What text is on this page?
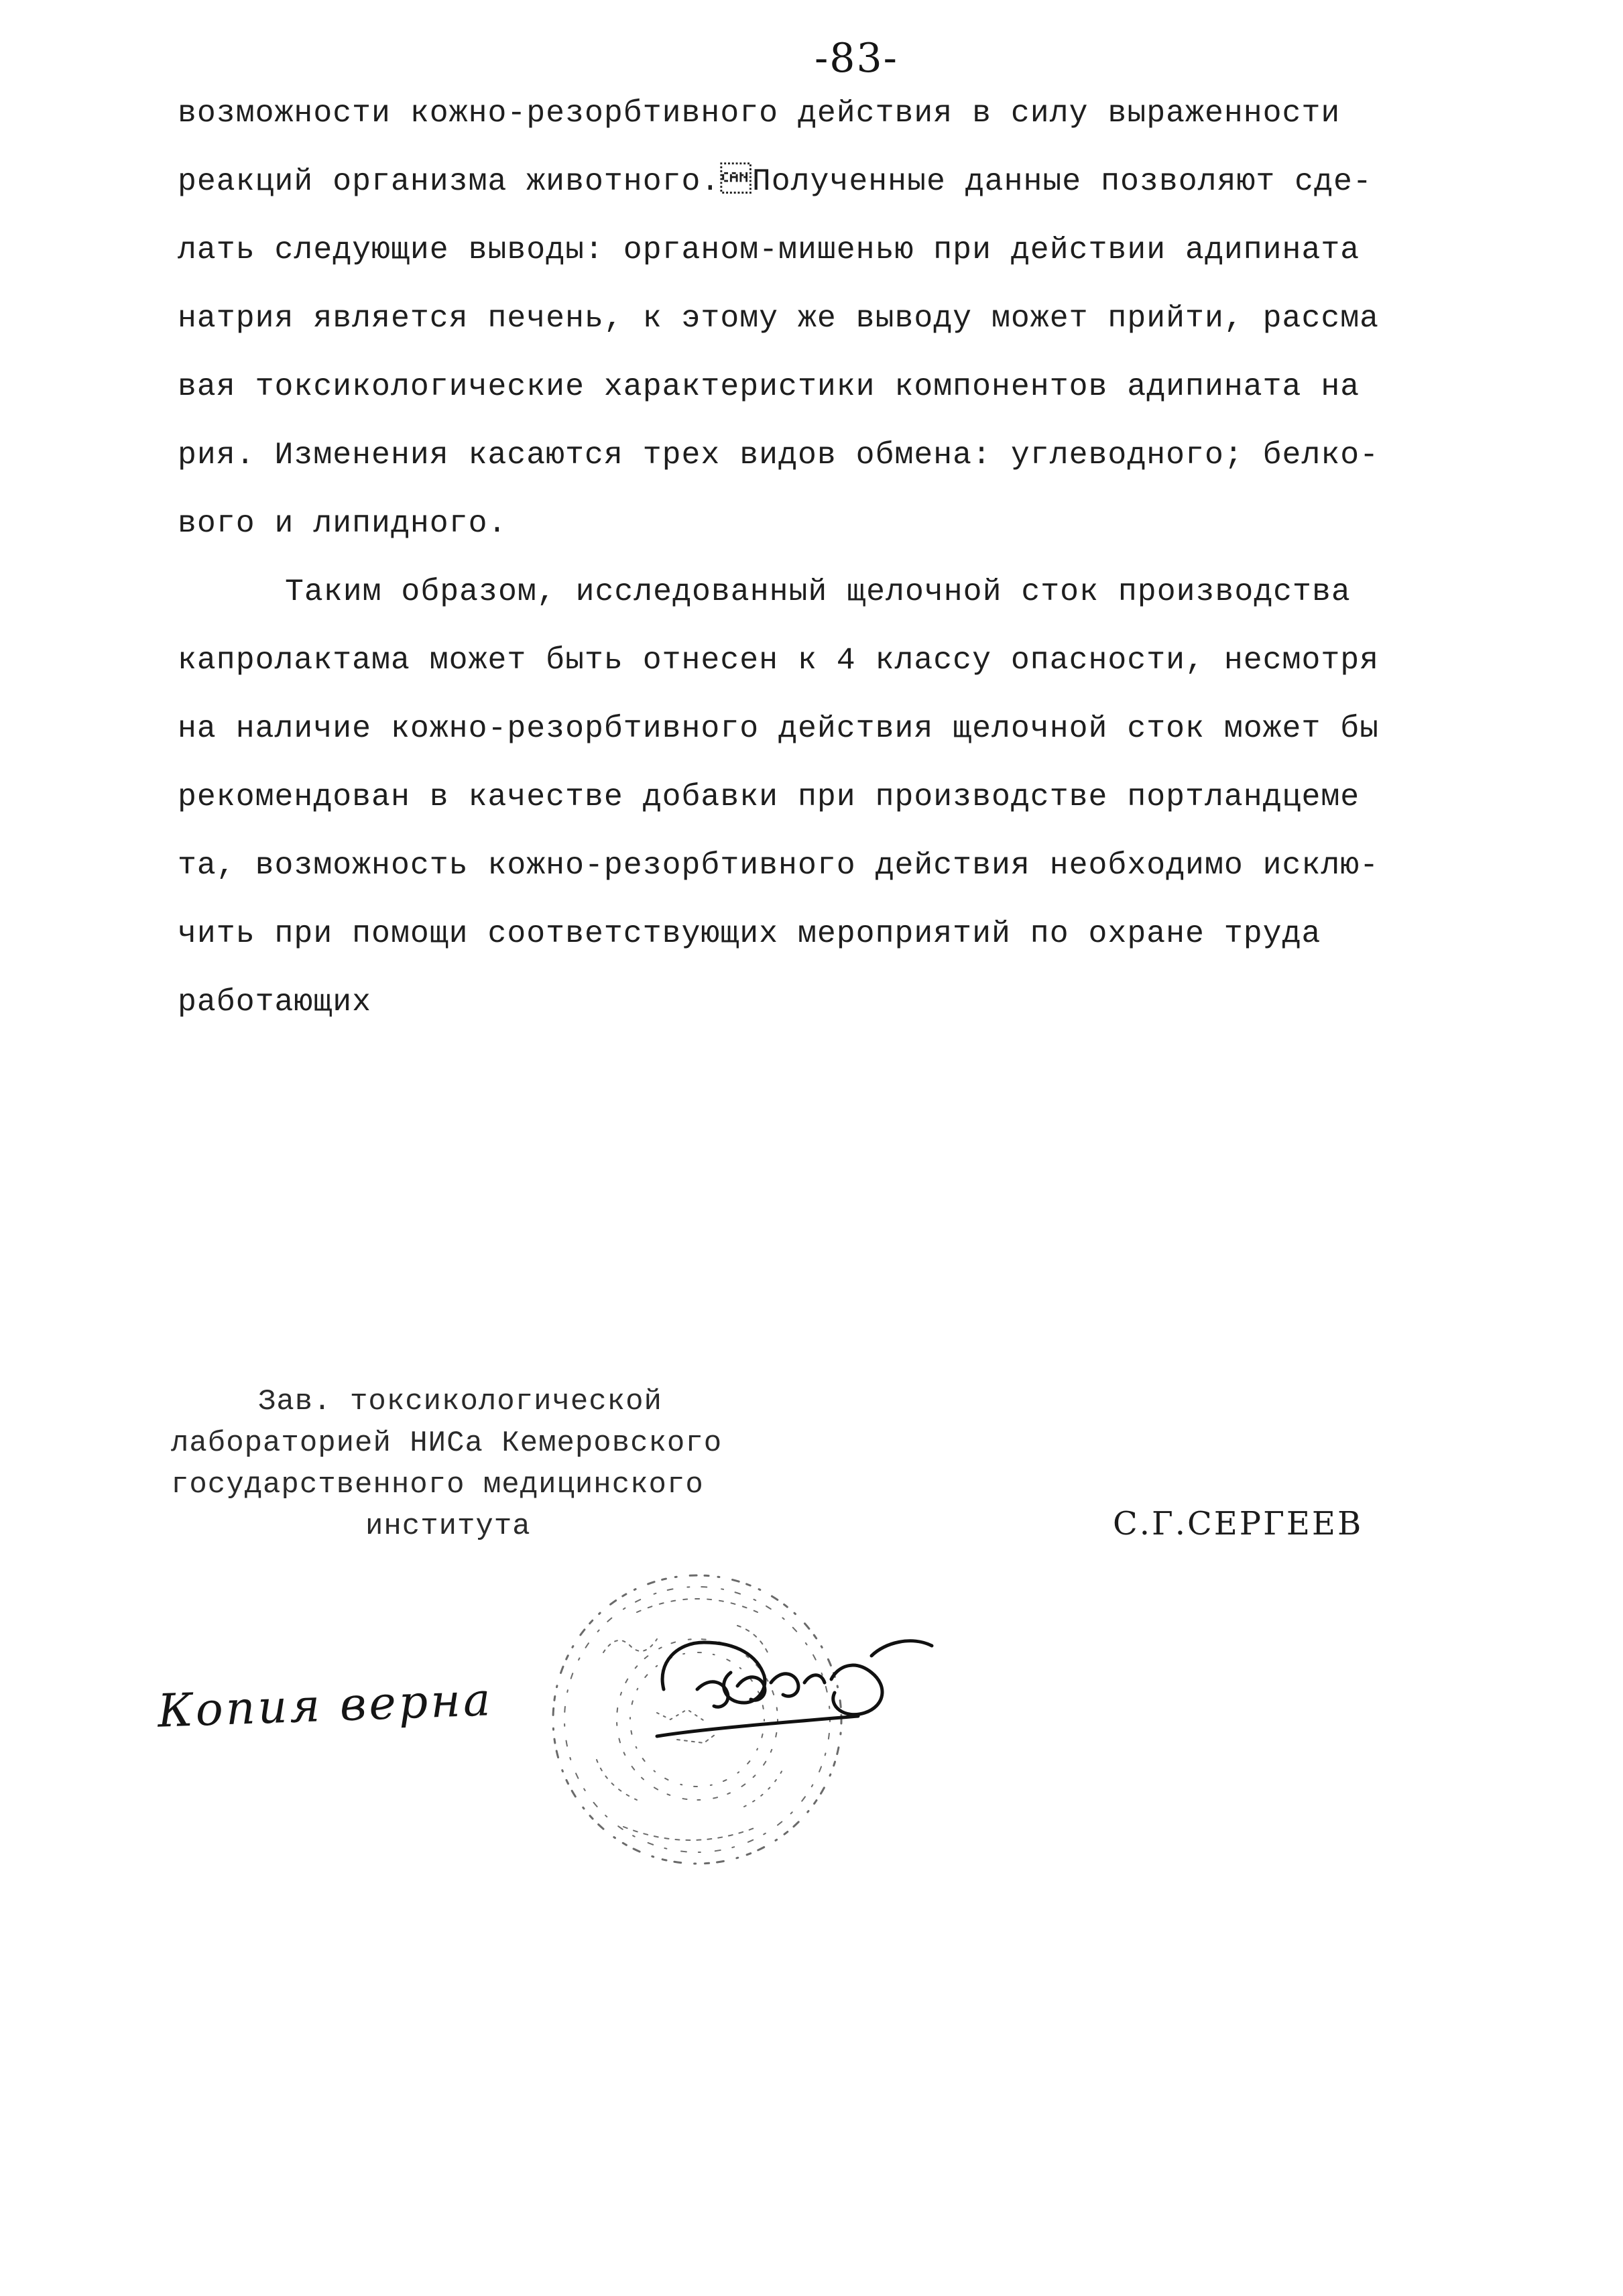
-83-
возможности кожно-резорбтивного действия в силу выраженности
реакций организма животного.Полученные данные позволяют сде-
лать следующие выводы: органом-мишенью при действии адипината
натрия является печень, к этому же выводу может прийти, рассма
вая токсикологические характеристики компонентов адипината на
рия. Изменения касаются трех видов обмена: углеводного; белко-
вого и липидного.
Таким образом, исследованный щелочной сток производства
капролактама может быть отнесен к 4 классу опасности, несмотря
на наличие кожно-резорбтивного действия щелочной сток может бы
рекомендован в качестве добавки при производстве портландцеме
та, возможность кожно-резорбтивного действия необходимо исклю-
чить при помощи соответствующих мероприятий по охране труда
работающих
Зав. токсикологической
лабораторией НИСа Кемеровского
государственного медицинского
института	С.Г.СЕРГЕЕВ
Копия верна
